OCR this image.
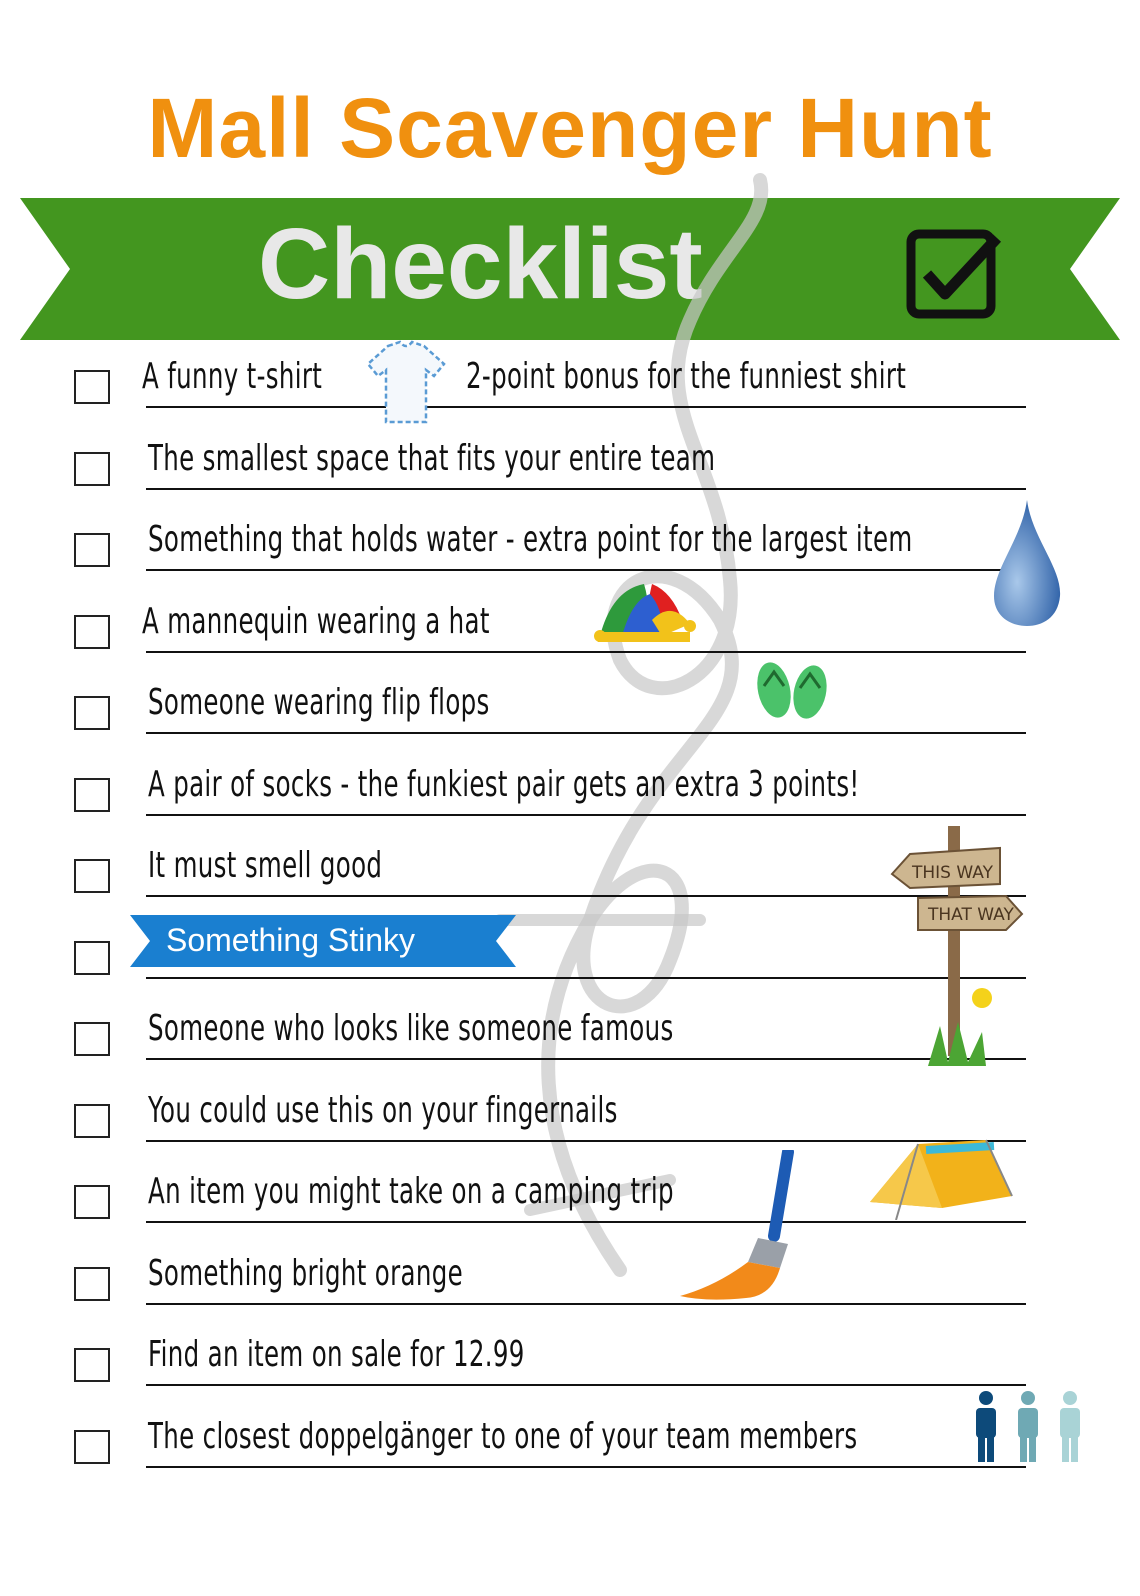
Mall Scavenger Hunt
Checklist
A funny t-shirt	2-point bonus for the funniest shirt
The smallest space that fits your entire team
Something that holds water - extra point for the largest item
A mannequin wearing a hat
Someone wearing flip flops
A pair of socks - the funkiest pair gets an extra 3 points!
It must smell good
Something Stinky
Someone who looks like someone famous
You could use this on your fingernails
An item you might take on a camping trip
Something bright orange
Find an item on sale for 12.99
The closest doppelgänger to one of your team members
THIS WAY
THAT WAY
